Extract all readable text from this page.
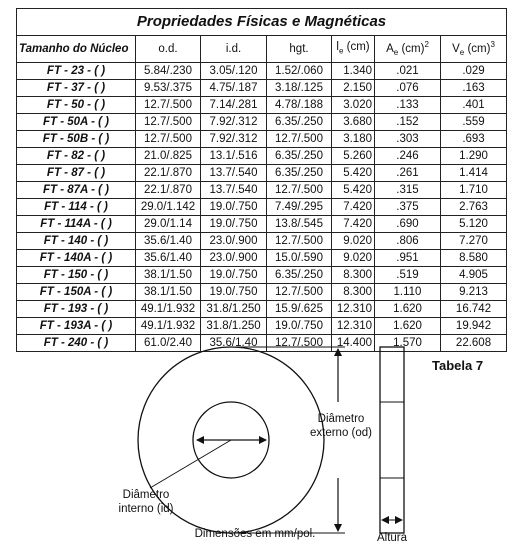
Propriedades Físicas e Magnéticas						
Tamanho do Núcleo	o.d.	i.d.	hgt.	$l_e$ (cm)	$A_e$ (cm)$^2$	$V_e$ (cm)$^3$
FT - 23 - ( )	5.84/.230	3.05/.120	1.52/.060	1.340	.021	.029
FT - 37 - ( )	9.53/.375	4.75/.187	3.18/.125	2.150	.076	.163
FT - 50 - ( )	12.7/.500	7.14/.281	4.78/.188	3.020	.133	.401
FT - 50A - ( )	12.7/.500	7.92/.312	6.35/.250	3.680	.152	.559
FT - 50B - ( )	12.7/.500	7.92/.312	12.7/.500	3.180	.303	.693
FT - 82 - ( )	21.0/.825	13.1/.516	6.35/.250	5.260	.246	1.290
FT - 87 - ( )	22.1/.870	13.7/.540	6.35/.250	5.420	.261	1.414
FT - 87A - ( )	22.1/.870	13.7/.540	12.7/.500	5.420	.315	1.710
FT - 114 - ( )	29.0/1.142	19.0/.750	7.49/.295	7.420	.375	2.763
FT - 114A - ( )	29.0/1.14	19.0/.750	13.8/.545	7.420	.690	5.120
FT - 140 - ( )	35.6/1.40	23.0/.900	12.7/.500	9.020	.806	7.270
FT - 140A - ( )	35.6/1.40	23.0/.900	15.0/.590	9.020	.951	8.580
FT - 150 - ( )	38.1/1.50	19.0/.750	6.35/.250	8.300	.519	4.905
FT - 150A - ( )	38.1/1.50	19.0/.750	12.7/.500	8.300	1.110	9.213
FT - 193 - ( )	49.1/1.932	31.8/1.250	15.9/.625	12.310	1.620	16.742
FT - 193A - ( )	49.1/1.932	31.8/1.250	19.0/.750	12.310	1.620	19.942
FT - 240 - ( )	61.0/2.40	35.6/1.40	12.7/.500	14.400	1.570	22.608
Tabela 7
Diâmetro
externo (od)
Diâmetro
interno (id)
Dimensões em mm/pol.	Altura
